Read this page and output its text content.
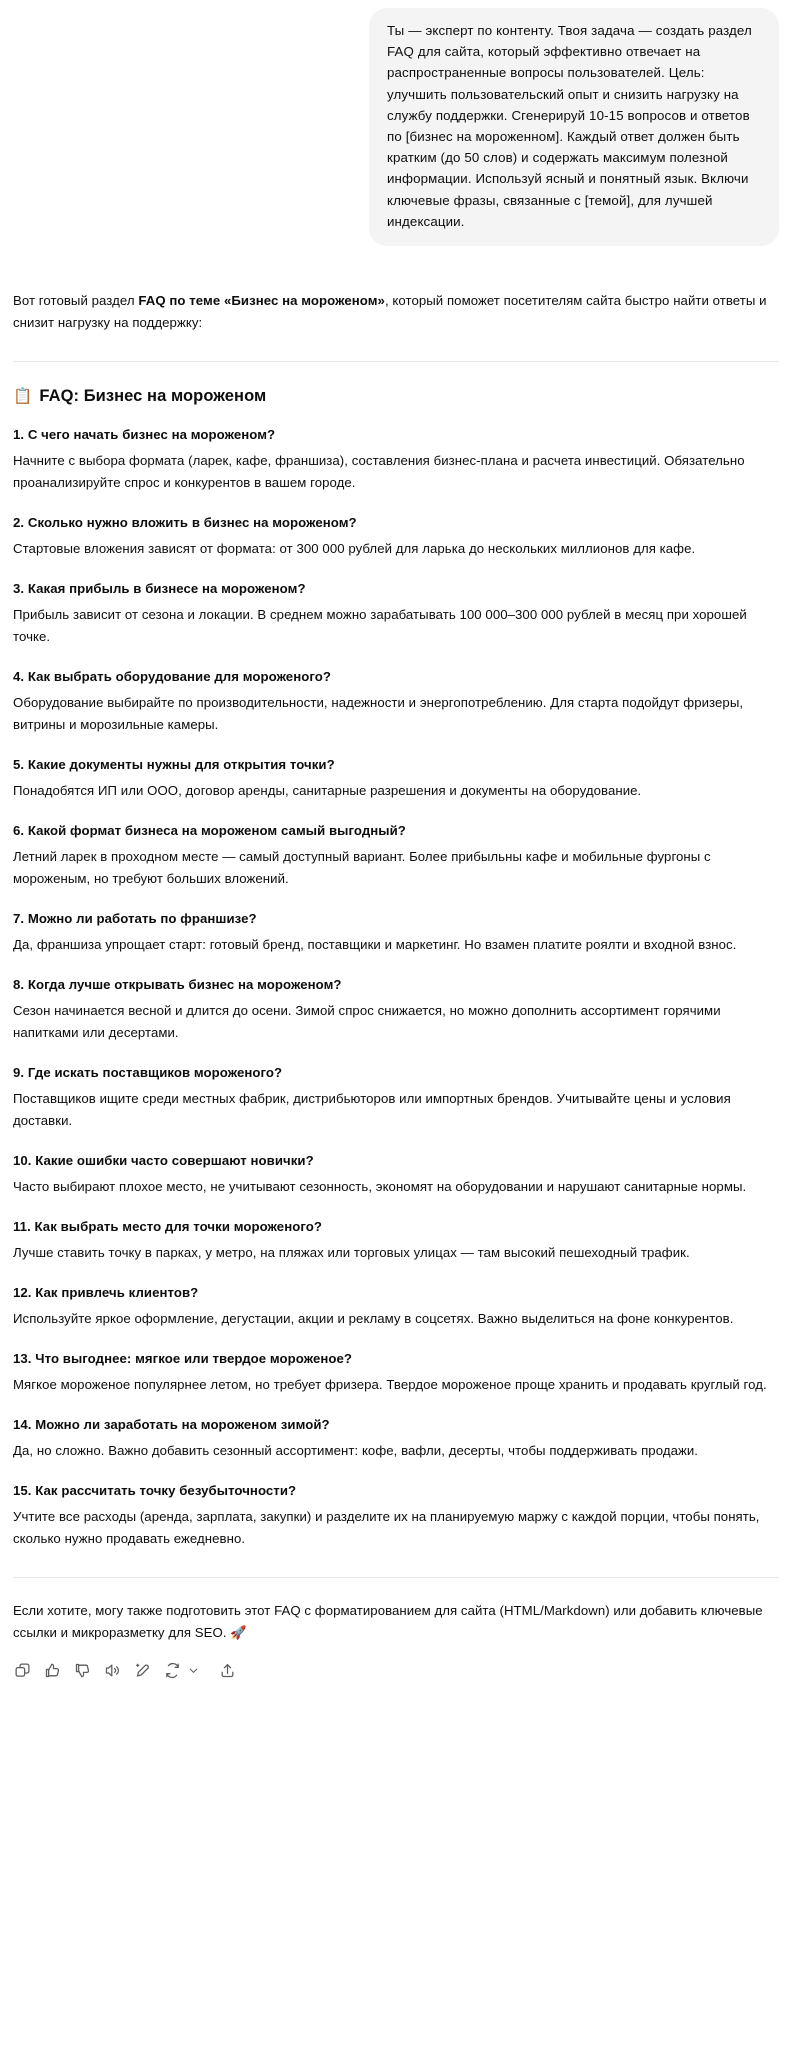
Ты — эксперт по контенту. Твоя задача — создать раздел FAQ для сайта, который эффективно отвечает на распространенные вопросы пользователей. Цель: улучшить пользовательский опыт и снизить нагрузку на службу поддержки. Сгенерируй 10-15 вопросов и ответов по [бизнес на мороженном]. Каждый ответ должен быть кратким (до 50 слов) и содержать максимум полезной информации. Используй ясный и понятный язык. Включи ключевые фразы, связанные с [темой], для лучшей индексации.

Вот готовый раздел FAQ по теме «Бизнес на мороженом», который поможет посетителям сайта быстро найти ответы и снизит нагрузку на поддержку:

📋 FAQ: Бизнес на мороженом
1. С чего начать бизнес на мороженом?
Начните с выбора формата (ларек, кафе, франшиза), составления бизнес-плана и расчета инвестиций. Обязательно проанализируйте спрос и конкурентов в вашем городе.
2. Сколько нужно вложить в бизнес на мороженом?
Стартовые вложения зависят от формата: от 300 000 рублей для ларька до нескольких миллионов для кафе.
3. Какая прибыль в бизнесе на мороженом?
Прибыль зависит от сезона и локации. В среднем можно зарабатывать 100 000–300 000 рублей в месяц при хорошей точке.
4. Как выбрать оборудование для мороженого?
Оборудование выбирайте по производительности, надежности и энергопотреблению. Для старта подойдут фризеры, витрины и морозильные камеры.
5. Какие документы нужны для открытия точки?
Понадобятся ИП или ООО, договор аренды, санитарные разрешения и документы на оборудование.
6. Какой формат бизнеса на мороженом самый выгодный?
Летний ларек в проходном месте — самый доступный вариант. Более прибыльны кафе и мобильные фургоны с мороженым, но требуют больших вложений.
7. Можно ли работать по франшизе?
Да, франшиза упрощает старт: готовый бренд, поставщики и маркетинг. Но взамен платите роялти и входной взнос.
8. Когда лучше открывать бизнес на мороженом?
Сезон начинается весной и длится до осени. Зимой спрос снижается, но можно дополнить ассортимент горячими напитками или десертами.
9. Где искать поставщиков мороженого?
Поставщиков ищите среди местных фабрик, дистрибьюторов или импортных брендов. Учитывайте цены и условия доставки.
10. Какие ошибки часто совершают новички?
Часто выбирают плохое место, не учитывают сезонность, экономят на оборудовании и нарушают санитарные нормы.
11. Как выбрать место для точки мороженого?
Лучше ставить точку в парках, у метро, на пляжах или торговых улицах — там высокий пешеходный трафик.
12. Как привлечь клиентов?
Используйте яркое оформление, дегустации, акции и рекламу в соцсетях. Важно выделиться на фоне конкурентов.
13. Что выгоднее: мягкое или твердое мороженое?
Мягкое мороженое популярнее летом, но требует фризера. Твердое мороженое проще хранить и продавать круглый год.
14. Можно ли заработать на мороженом зимой?
Да, но сложно. Важно добавить сезонный ассортимент: кофе, вафли, десерты, чтобы поддерживать продажи.
15. Как рассчитать точку безубыточности?
Учтите все расходы (аренда, зарплата, закупки) и разделите их на планируемую маржу с каждой порции, чтобы понять, сколько нужно продавать ежедневно.

Если хотите, могу также подготовить этот FAQ с форматированием для сайта (HTML/Markdown) или добавить ключевые ссылки и микроразметку для SEO. 🚀
